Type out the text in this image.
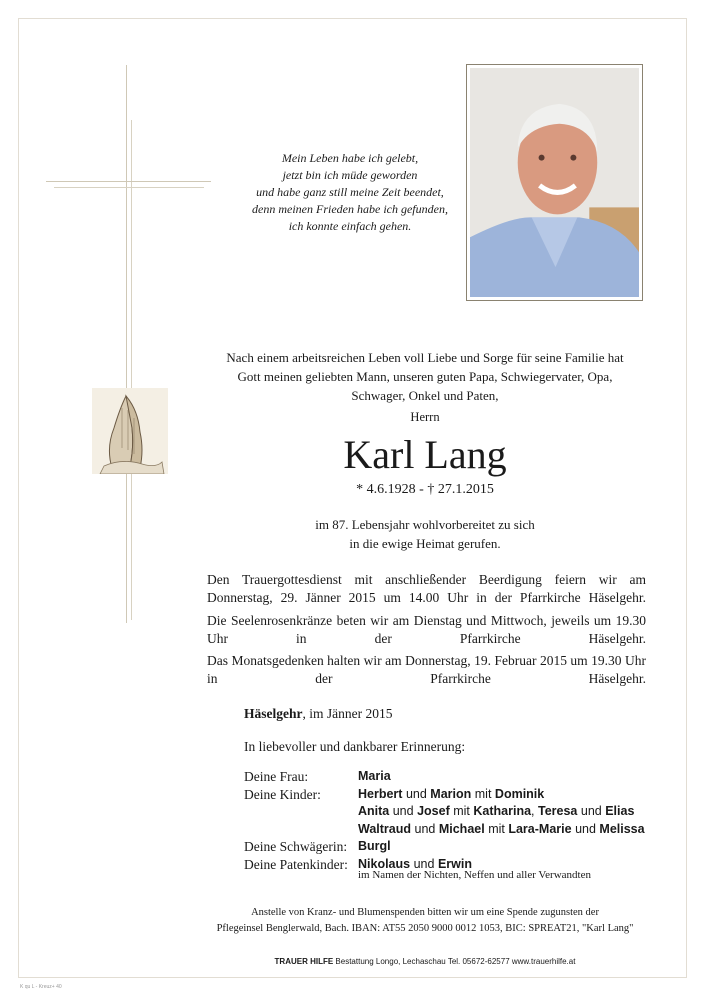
Mein Leben habe ich gelebt,
jetzt bin ich müde geworden
und habe ganz still meine Zeit beendet,
denn meinen Frieden habe ich gefunden,
ich konnte einfach gehen.
Nach einem arbeitsreichen Leben voll Liebe und Sorge für seine Familie hat
Gott meinen geliebten Mann, unseren guten Papa, Schwiegervater, Opa,
Schwager, Onkel und Paten,
Herrn
Karl Lang
* 4.6.1928 - † 27.1.2015
im 87. Lebensjahr wohlvorbereitet zu sich
in die ewige Heimat gerufen.
Den Trauergottesdienst mit anschließender Beerdigung feiern wir am Donnerstag, 29. Jänner 2015 um 14.00 Uhr in der Pfarrkirche Häselgehr.
Die Seelenrosenkränze beten wir am Dienstag und Mittwoch, jeweils um 19.30 Uhr in der Pfarrkirche Häselgehr.
Das Monatsgedenken halten wir am Donnerstag, 19. Februar 2015 um 19.30 Uhr in der Pfarrkirche Häselgehr.
Häselgehr, im Jänner 2015
In liebevoller und dankbarer Erinnerung:
Deine Frau:	Maria
Deine Kinder:	Herbert und Marion mit Dominik
Anita und Josef mit Katharina, Teresa und Elias
Waltraud und Michael mit Lara-Marie und Melissa
Deine Schwägerin: Burgl
Deine Patenkinder: Nikolaus und Erwin
im Namen der Nichten, Neffen und aller Verwandten
Anstelle von Kranz- und Blumenspenden bitten wir um eine Spende zugunsten der
Pflegeinsel Benglerwald, Bach. IBAN: AT55 2050 9000 0012 1053, BIC: SPREAT21, "Karl Lang"
TRAUER HILFE Bestattung Longo, Lechaschau Tel. 05672-62577 www.trauerhilfe.at
K qu L - Kreuz+ 40
